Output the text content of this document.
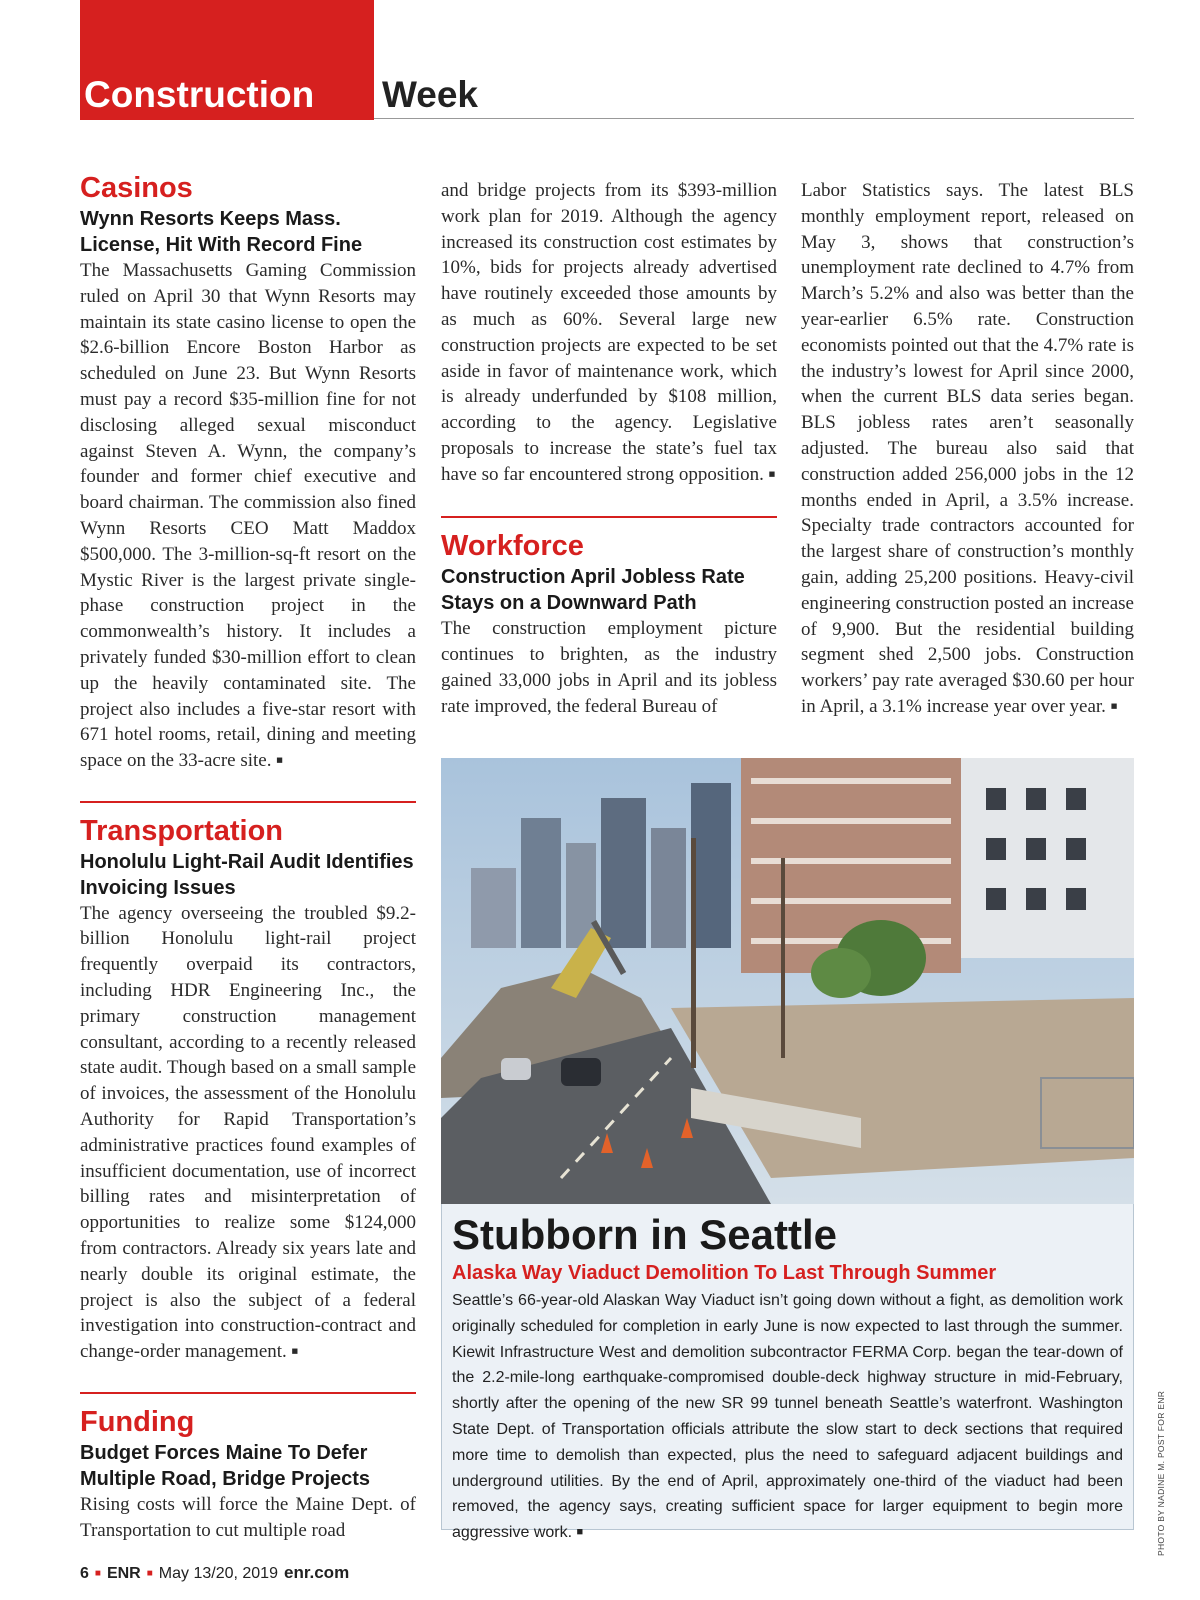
Construction Week
Casinos
Wynn Resorts Keeps Mass. License, Hit With Record Fine

The Massachusetts Gaming Commission ruled on April 30 that Wynn Resorts may maintain its state casino license to open the $2.6-billion Encore Boston Harbor as scheduled on June 23. But Wynn Resorts must pay a record $35-million fine for not disclosing alleged sexual misconduct against Steven A. Wynn, the company’s founder and former chief executive and board chairman. The commission also fined Wynn Resorts CEO Matt Maddox $500,000. The 3-million-sq-ft resort on the Mystic River is the largest private single-phase construction project in the commonwealth’s history. It includes a privately funded $30-million effort to clean up the heavily contaminated site. The project also includes a five-star resort with 671 hotel rooms, retail, dining and meeting space on the 33-acre site. ■

Transportation
Honolulu Light-Rail Audit Identifies Invoicing Issues

The agency overseeing the troubled $9.2-billion Honolulu light-rail project frequently overpaid its contractors, including HDR Engineering Inc., the primary construction management consultant, according to a recently released state audit. Though based on a small sample of invoices, the assessment of the Honolulu Authority for Rapid Transportation’s administrative practices found examples of insufficient documentation, use of incorrect billing rates and misinterpretation of opportunities to realize some $124,000 from contractors. Already six years late and nearly double its original estimate, the project is also the subject of a federal investigation into construction-contract and change-order management. ■

Funding
Budget Forces Maine To Defer Multiple Road, Bridge Projects

Rising costs will force the Maine Dept. of Transportation to cut multiple road

and bridge projects from its $393-million work plan for 2019. Although the agency increased its construction cost estimates by 10%, bids for projects already advertised have routinely exceeded those amounts by as much as 60%. Several large new construction projects are expected to be set aside in favor of maintenance work, which is already underfunded by $108 million, according to the agency. Legislative proposals to increase the state’s fuel tax have so far encountered strong opposition. ■

Workforce
Construction April Jobless Rate Stays on a Downward Path

The construction employment picture continues to brighten, as the industry gained 33,000 jobs in April and its jobless rate improved, the federal Bureau of

Labor Statistics says. The latest BLS monthly employment report, released on May 3, shows that construction’s unemployment rate declined to 4.7% from March’s 5.2% and also was better than the year-earlier 6.5% rate. Construction economists pointed out that the 4.7% rate is the industry’s lowest for April since 2000, when the current BLS data series began. BLS jobless rates aren’t seasonally adjusted. The bureau also said that construction added 256,000 jobs in the 12 months ended in April, a 3.5% increase. Specialty trade contractors accounted for the largest share of construction’s monthly gain, adding 25,200 positions. Heavy-civil engineering construction posted an increase of 9,900. But the residential building segment shed 2,500 jobs. Construction workers’ pay rate averaged $30.60 per hour in April, a 3.1% increase year over year. ■

Stubborn in Seattle
Alaska Way Viaduct Demolition To Last Through Summer

Seattle’s 66-year-old Alaskan Way Viaduct isn’t going down without a fight, as demolition work originally scheduled for completion in early June is now expected to last through the summer. Kiewit Infrastructure West and demolition subcontractor FERMA Corp. began the tear-down of the 2.2-mile-long earthquake-compromised double-deck highway structure in mid-February, shortly after the opening of the new SR 99 tunnel beneath Seattle’s waterfront. Washington State Dept. of Transportation officials attribute the slow start to deck sections that required more time to demolish than expected, plus the need to safeguard adjacent buildings and underground utilities. By the end of April, approximately one-third of the viaduct had been removed, the agency says, creating sufficient space for larger equipment to begin more aggressive work. ■	PHOTO BY NADINE M. POST FOR ENR
6 ■ ENR ■ May 13/20, 2019 enr.com
